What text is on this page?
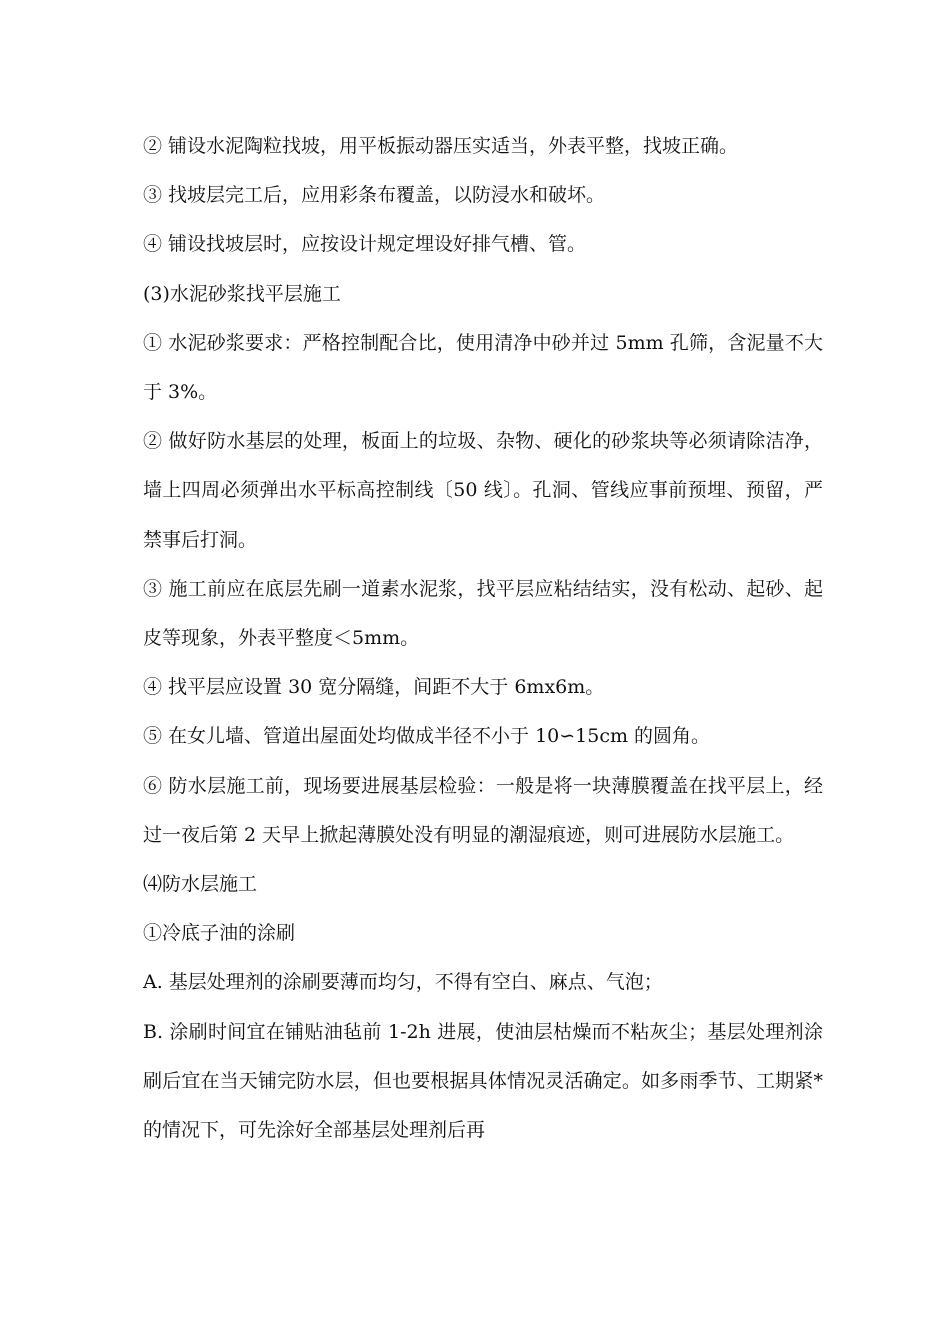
② 铺设水泥陶粒找坡，用平板振动器压实适当，外表平整，找坡正确。

③ 找坡层完工后，应用彩条布覆盖，以防浸水和破坏。

④ 铺设找坡层时，应按设计规定埋设好排气槽、管。

(3)水泥砂浆找平层施工

① 水泥砂浆要求：严格控制配合比，使用清净中砂并过 5mm 孔筛，含泥量不大于 3%。

② 做好防水基层的处理，板面上的垃圾、杂物、硬化的砂浆块等必须请除洁净，墙上四周必须弹出水平标高控制线〔50 线〕。孔洞、管线应事前预埋、预留，严禁事后打洞。

③ 施工前应在底层先刷一道素水泥浆，找平层应粘结结实，没有松动、起砂、起皮等现象，外表平整度＜5mm。

④ 找平层应设置 30 宽分隔缝，间距不大于 6mx6m。

⑤ 在女儿墙、管道出屋面处均做成半径不小于 10∽15cm 的圆角。

⑥ 防水层施工前，现场要进展基层检验：一般是将一块薄膜覆盖在找平层上，经过一夜后第 2 天早上掀起薄膜处没有明显的潮湿痕迹，则可进展防水层施工。

⑷防水层施工

①冷底子油的涂刷

A. 基层处理剂的涂刷要薄而均匀，不得有空白、麻点、气泡；

B. 涂刷时间宜在铺贴油毡前 1-2h 进展，使油层枯燥而不粘灰尘；基层处理剂涂刷后宜在当天铺完防水层，但也要根据具体情况灵活确定。如多雨季节、工期紧*的情况下，可先涂好全部基层处理剂后再
